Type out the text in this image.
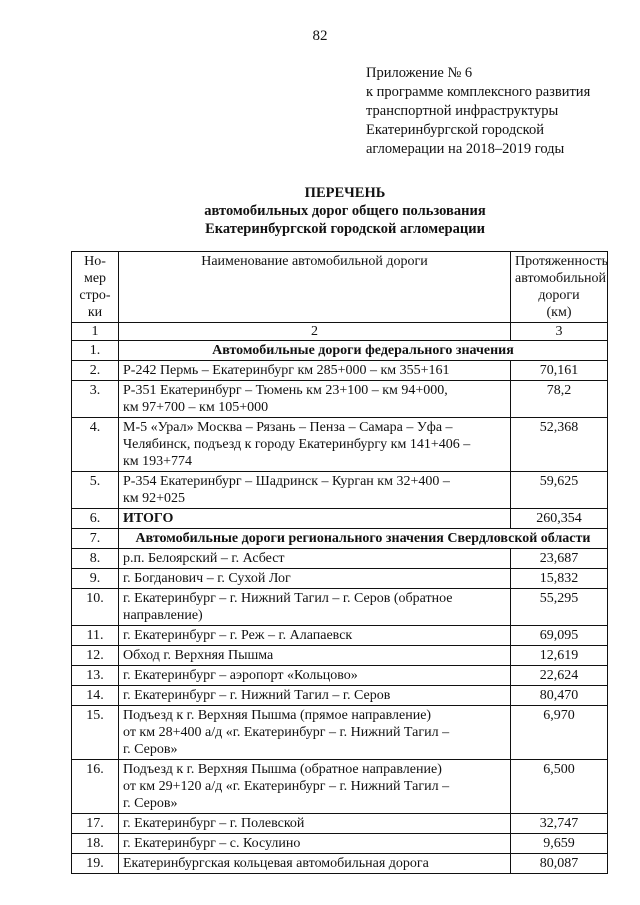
82
Приложение № 6
к программе комплексного развития
транспортной инфраструктуры
Екатеринбургской городской
агломерации на 2018–2019 годы
ПЕРЕЧЕНЬ
автомобильных дорог общего пользования
Екатеринбургской городской агломерации
Но-
мер
стро-
ки	Наименование автомобильной дороги	Протяженность
автомобильной
дороги
(км)
1	2	3
1.	Автомобильные дороги федерального значения	
2.	Р-242 Пермь – Екатеринбург км 285+000 – км 355+161	70,161
3.	Р-351 Екатеринбург – Тюмень км 23+100 – км 94+000,
км 97+700 – км 105+000	78,2
4.	М-5 «Урал» Москва – Рязань – Пенза – Самара – Уфа –
Челябинск, подъезд к городу Екатеринбургу км 141+406 –
км 193+774	52,368
5.	Р-354 Екатеринбург – Шадринск – Курган км 32+400 –
км 92+025	59,625
6.	ИТОГО	260,354
7.	Автомобильные дороги регионального значения Свердловской области	
8.	р.п. Белоярский – г. Асбест	23,687
9.	г. Богданович – г. Сухой Лог	15,832
10.	г. Екатеринбург – г. Нижний Тагил – г. Серов (обратное
направление)	55,295
11.	г. Екатеринбург – г. Реж – г. Алапаевск	69,095
12.	Обход г. Верхняя Пышма	12,619
13.	г. Екатеринбург – аэропорт «Кольцово»	22,624
14.	г. Екатеринбург – г. Нижний Тагил – г. Серов	80,470
15.	Подъезд к г. Верхняя Пышма (прямое направление)
от км 28+400 а/д «г. Екатеринбург – г. Нижний Тагил –
г. Серов»	6,970
16.	Подъезд к г. Верхняя Пышма (обратное направление)
от км 29+120 а/д «г. Екатеринбург – г. Нижний Тагил –
г. Серов»	6,500
17.	г. Екатеринбург – г. Полевской	32,747
18.	г. Екатеринбург – с. Косулино	9,659
19.	Екатеринбургская кольцевая автомобильная дорога	80,087
